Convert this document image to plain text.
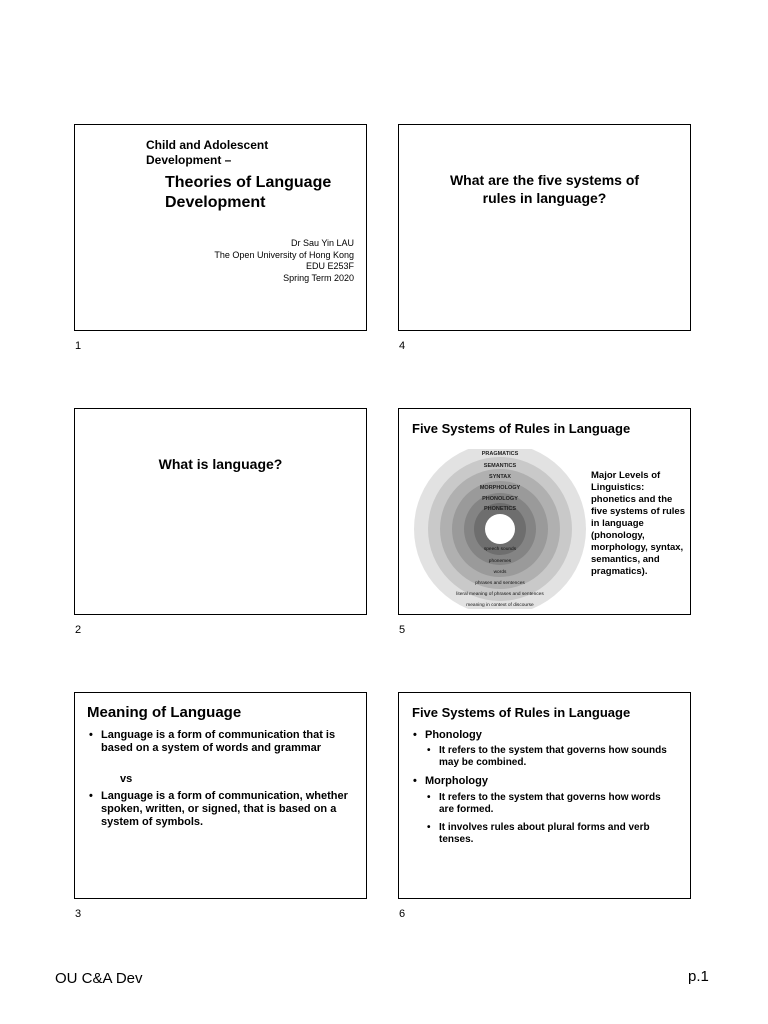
Child and Adolescent Development –
Theories of Language Development
Dr Sau Yin LAU
The Open University of Hong Kong
EDU E253F
Spring Term 2020
1
What are the five systems of rules in language?
4
What is language?
2
Five Systems of Rules in Language
PRAGMATICS
SEMANTICS
SYNTAX
MORPHOLOGY
PHONOLOGY
PHONETICS
speech sounds
phonemes
words
phrases and sentences
literal meaning of phrases and sentences
meaning in context of discourse
Major Levels of Linguistics: phonetics and the five systems of rules in language (phonology, morphology, syntax, semantics, and pragmatics).
5
Meaning of Language
• Language is a form of communication that is based on a system of words and grammar
vs
• Language is a form of communication, whether spoken, written, or signed, that is based on a system of symbols.
3
Five Systems of Rules in Language
• Phonology
• It refers to the system that governs how sounds may be combined.
• Morphology
• It refers to the system that governs how words are formed.
• It involves rules about plural forms and verb tenses.
6
OU C&A Dev	p.1
